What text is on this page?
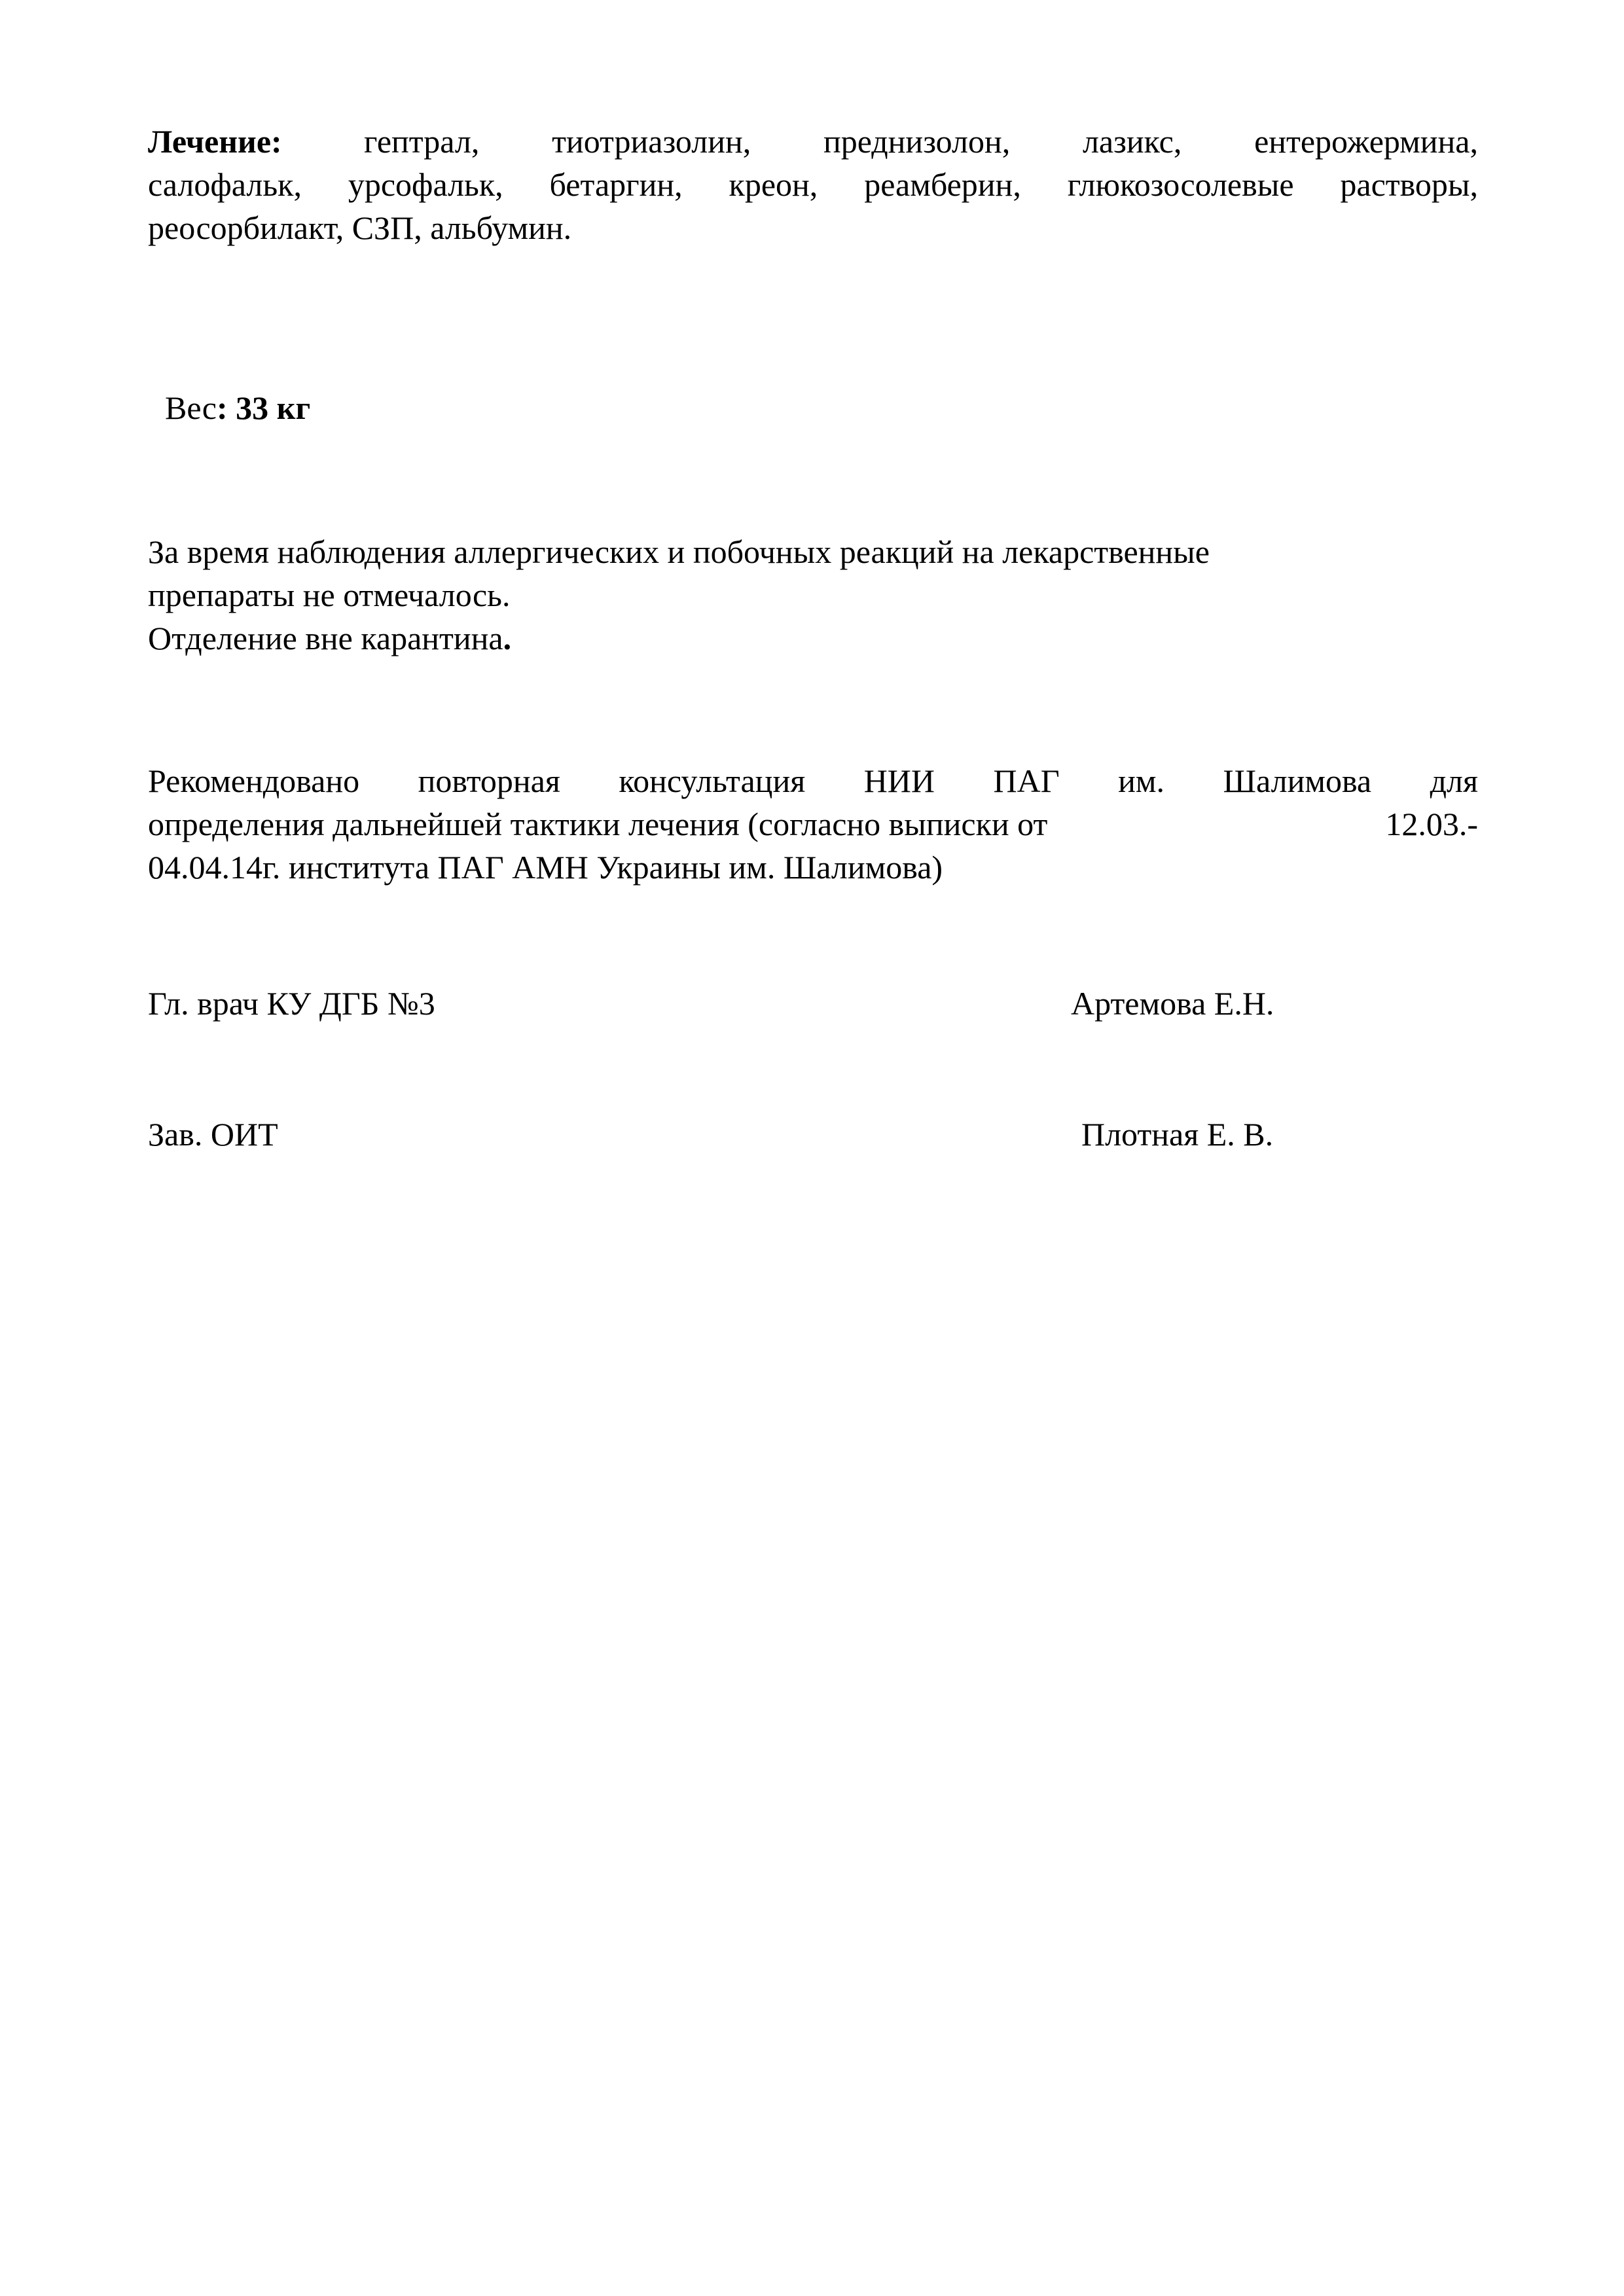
Лечение:	гептрал, тиотриазолин, преднизолон, лазикс, ентерожермина,
салофальк, урсофальк, бетаргин, креон, реамберин, глюкозосолевые растворы,
реосорбилакт, СЗП, альбумин.
Вес: 33 кг
За время наблюдения аллергических и побочных реакций на лекарственные
препараты не отмечалось.
Отделение вне карантина.
Рекомендовано повторная консультация НИИ ПАГ им. Шалимова для
определения дальнейшей тактики лечения (согласно выписки от	12.03.-
04.04.14г. института ПАГ АМН Украины им. Шалимова)
Гл. врач КУ ДГБ №3	Артемова Е.Н.
Зав. ОИТ	Плотная Е. В.
